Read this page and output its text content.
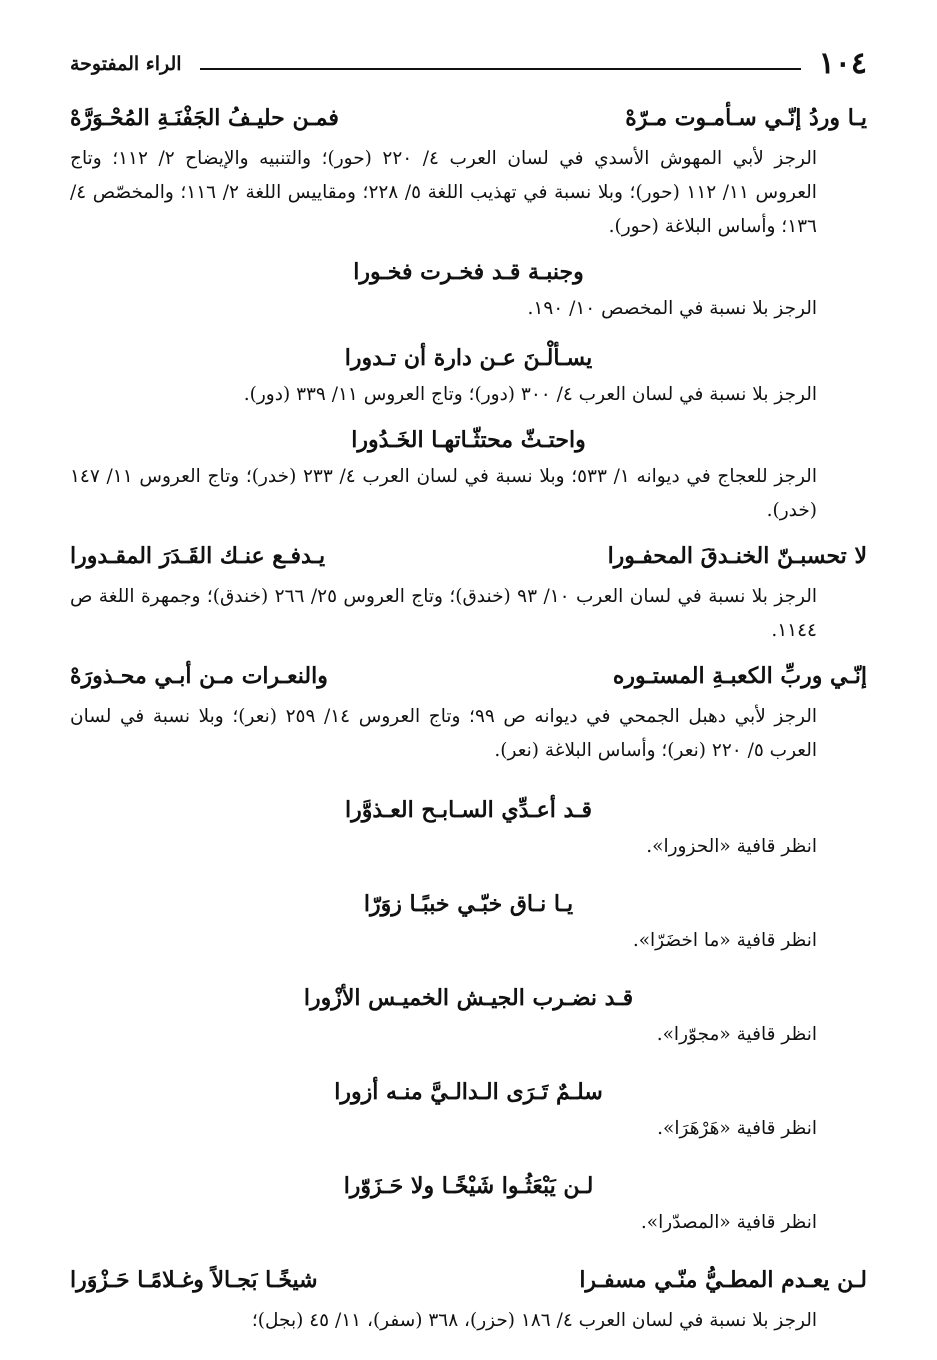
١٠٤
الراء المفتوحة
يـا وردُ إنّـي سـأمـوت مـرّهْ
فمـن حليـفُ الجَفْنَـةِ المُحْـوَرَّهْ
الرجز لأبي المهوش الأسدي في لسان العرب ٤/ ٢٢٠ (حور)؛ والتنبيه والإيضاح ٢/ ١١٢؛ وتاج العروس ١١/ ١١٢ (حور)؛ وبلا نسبة في تهذيب اللغة ٥/ ٢٢٨؛ ومقاييس اللغة ٢/ ١١٦؛ والمخصّص ٤/ ١٣٦؛ وأساس البلاغة (حور).
وجنبـة قـد فخـرت فخـورا
الرجز بلا نسبة في المخصص ١٠/ ١٩٠.
يسـألْـنَ عـن دارة أن تـدورا
الرجز بلا نسبة في لسان العرب ٤/ ٣٠٠ (دور)؛ وتاج العروس ١١/ ٣٣٩ (دور).
واحتـثّ محتثّـاتهـا الخَـدُورا
الرجز للعجاج في ديوانه ١/ ٥٣٣؛ وبلا نسبة في لسان العرب ٤/ ٢٣٣ (خدر)؛ وتاج العروس ١١/ ١٤٧ (خدر).
لا تحسبـنّ الخنـدقَ المحفـورا
يـدفـع عنـك القَـدَرَ المقـدورا
الرجز بلا نسبة في لسان العرب ١٠/ ٩٣ (خندق)؛ وتاج العروس ٢٥/ ٢٦٦ (خندق)؛ وجمهرة اللغة ص ١١٤٤.
إنّـي وربِّ الكعبـةِ المستـوره
والنعـرات مـن أبـي محـذورَهْ
الرجز لأبي دهبل الجمحي في ديوانه ص ٩٩؛ وتاج العروس ١٤/ ٢٥٩ (نعر)؛ وبلا نسبة في لسان العرب ٥/ ٢٢٠ (نعر)؛ وأساس البلاغة (نعر).
قـد أعـدِّي السـابـح العـذوَّرا
انظر قافية «الحزورا».
يـا نـاق خبّـي خببًـا زوَرّا
انظر قافية «ما اخضَرّا».
قـد نضـرب الجيـش الخميـس الأزْورا
انظر قافية «مجوّرا».
سلـمٌ تَـرَى الـدالـيَّ منـه أزورا
انظر قافية «هَرْهَرَا».
لـن يَبْعَثُـوا شَيْخًـا ولا حَـزَوّرا
انظر قافية «المصدّرا».
لـن يعـدم المطـيُّ منّـي مسفـرا
شيخًـا بَجـالاً وغـلامًـا حَـزْوَرا
الرجز بلا نسبة في لسان العرب ٤/ ١٨٦ (حزر)، ٣٦٨ (سفر)، ١١/ ٤٥ (بجل)؛
